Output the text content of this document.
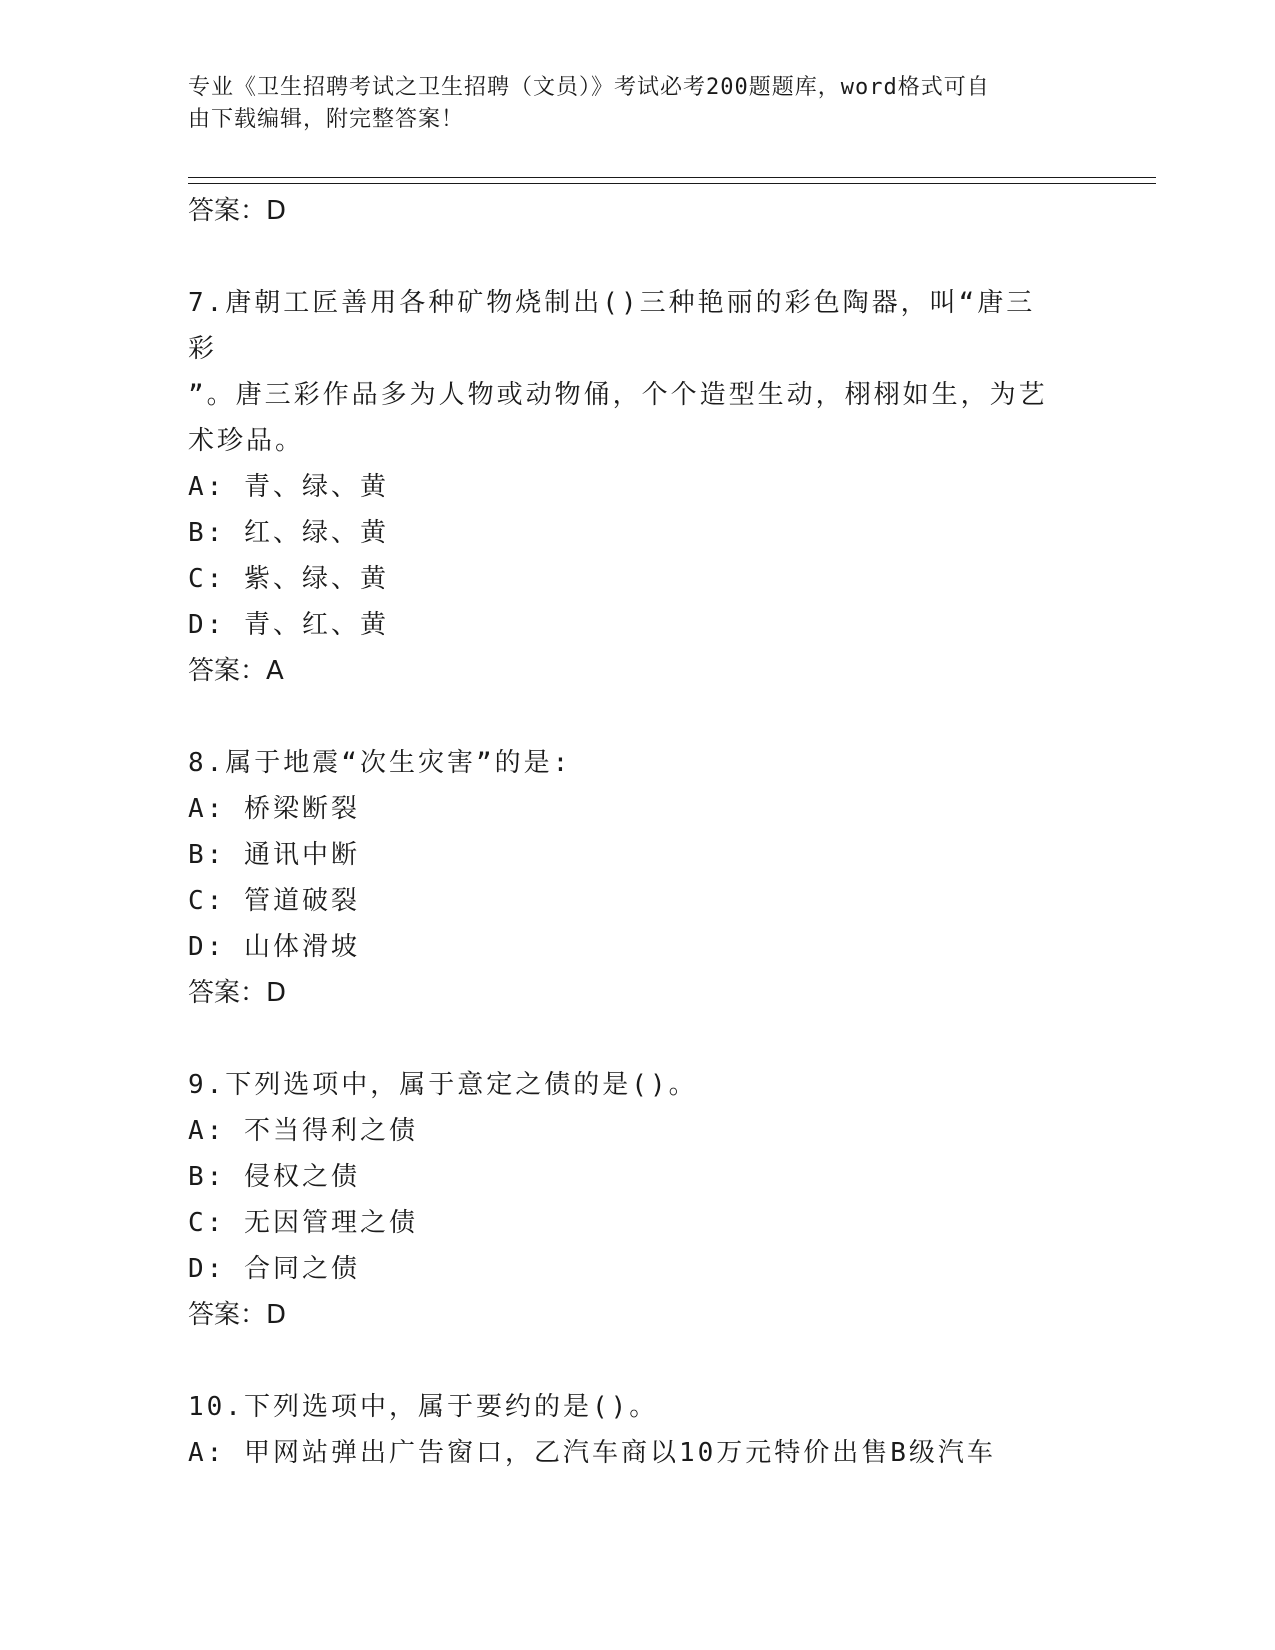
专业《卫生招聘考试之卫生招聘（文员）》考试必考200题题库，word格式可自
由下载编辑，附完整答案！
答案：D
7.唐朝工匠善用各种矿物烧制出()三种艳丽的彩色陶器，叫“唐三彩
”。唐三彩作品多为人物或动物俑，个个造型生动，栩栩如生，为艺
术珍品。
A: 青、绿、黄
B: 红、绿、黄
C: 紫、绿、黄
D: 青、红、黄
答案：A
8.属于地震“次生灾害”的是:
A: 桥梁断裂
B: 通讯中断
C: 管道破裂
D: 山体滑坡
答案：D
9.下列选项中，属于意定之债的是()。
A: 不当得利之债
B: 侵权之债
C: 无因管理之债
D: 合同之债
答案：D
10.下列选项中，属于要约的是()。
A: 甲网站弹出广告窗口，乙汽车商以10万元特价出售B级汽车
